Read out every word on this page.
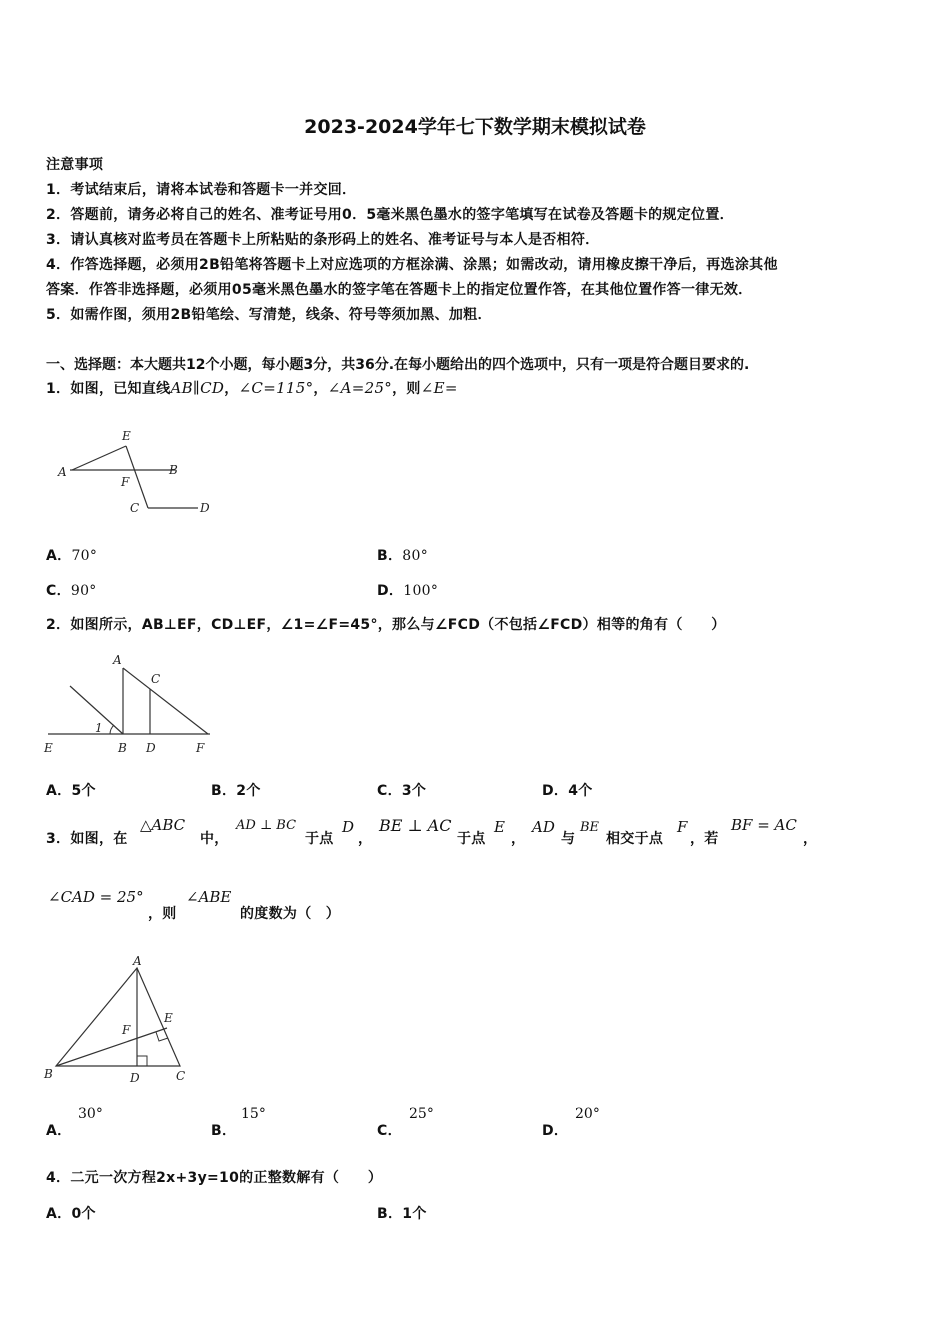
2023-2024学年七下数学期末模拟试卷
注意事项
1．考试结束后，请将本试卷和答题卡一并交回．
2．答题前，请务必将自己的姓名、准考证号用0．5毫米黑色墨水的签字笔填写在试卷及答题卡的规定位置．
3．请认真核对监考员在答题卡上所粘贴的条形码上的姓名、准考证号与本人是否相符．
4．作答选择题，必须用2B铅笔将答题卡上对应选项的方框涂满、涂黑；如需改动，请用橡皮擦干净后，再选涂其他
答案．作答非选择题，必须用05毫米黑色墨水的签字笔在答题卡上的指定位置作答，在其他位置作答一律无效．
5．如需作图，须用2B铅笔绘、写清楚，线条、符号等须加黑、加粗．
一、选择题：本大题共12个小题，每小题3分，共36分.在每小题给出的四个选项中，只有一项是符合题目要求的.
1．如图，已知直线AB∥CD，∠C=115°，∠A=25°，则∠E=
E
A	B
F
C	D
A．70°	B．80°
C．90°	D．100°
2．如图所示，AB⊥EF，CD⊥EF，∠1=∠F=45°，那么与∠FCD（不包括∠FCD）相等的角有（　　）
A
C
1
E	B D	F
A．5个	B．2个	C．3个	D．4个
3．如图，在
△ABC
中，
AD ⊥ BC
于点
D
，
BE ⊥ AC
于点
E
，
AD
与
BE
相交于点
F
，若
BF = AC
，
∠CAD = 25°
，则
∠ABE
的度数为（　）
A
E
F
B	D	C
A．
30°
B．
15°
C．
25°
D．
20°
4．二元一次方程2x+3y=10的正整数解有（　　）
A．0个	B．1个
